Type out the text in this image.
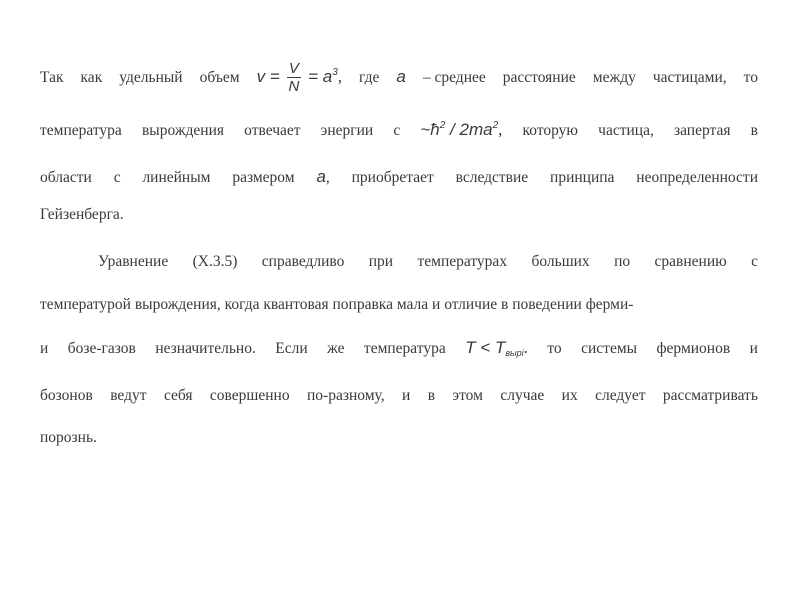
Так как удельный объем $v = \frac{V}{N} = a^3$, где a – среднее расстояние между частицами, то
температура вырождения отвечает энергии с $\sim ħ^2 / 2ma^2$, которую частица, запертая в
области с линейным размером a, приобретает вследствие принципа неопределенности
Гейзенберга.
Уравнение (X.3.5) справедливо при температурах больших по сравнению с
температурой вырождения, когда квантовая поправка мала и отличие в поведении ферми-
и бозе-газов незначительно. Если же температура $T < T_{вырi}$. то системы фермионов и
бозонов ведут себя совершенно по-разному, и в этом случае их следует рассматривать
порознь.
